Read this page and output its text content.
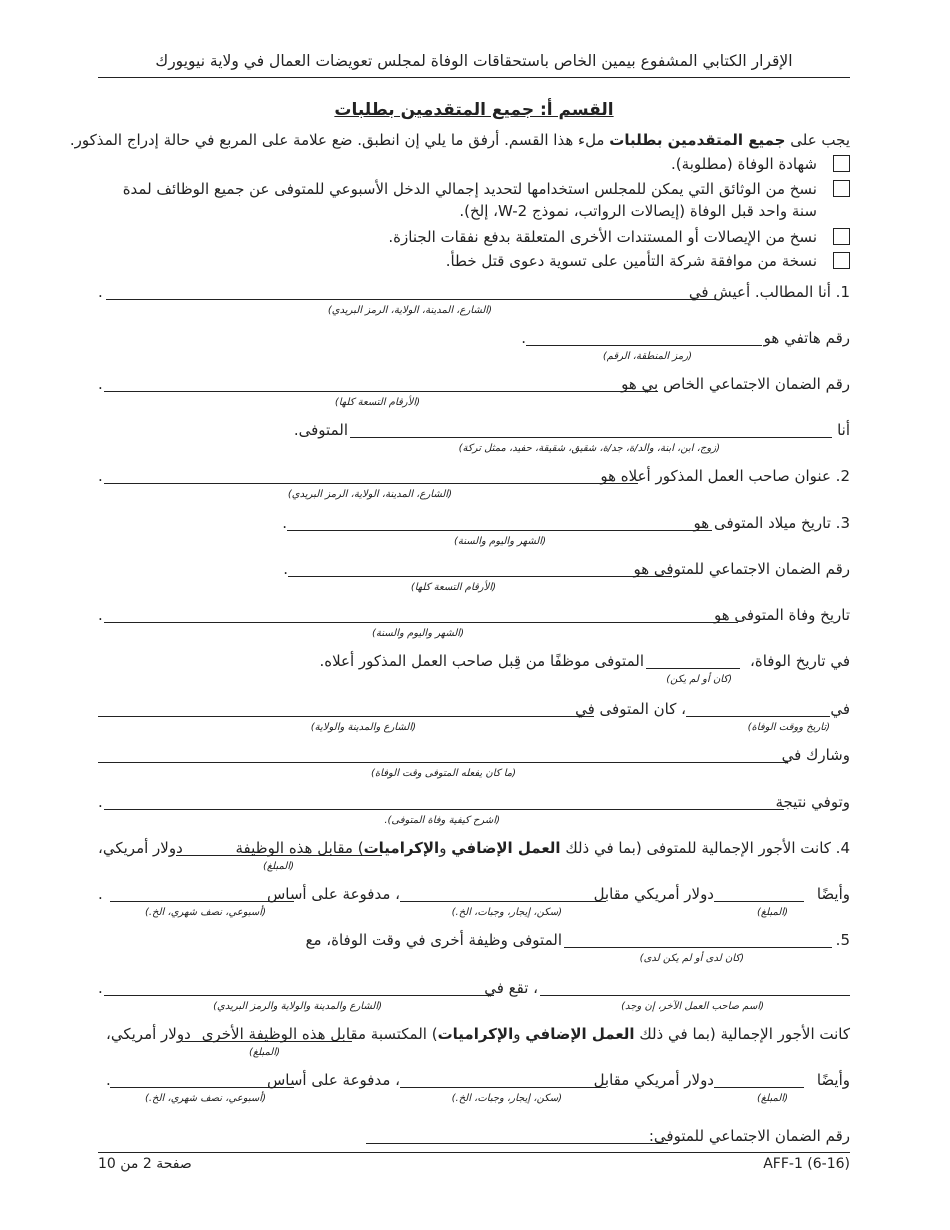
الإقرار الكتابي المشفوع بيمين الخاص باستحقاقات الوفاة لمجلس تعويضات العمال في ولاية نيويورك
القسم أ: جميع المتقدمين بطلبات
يجب على جميع المتقدمين بطلبات ملء هذا القسم. أرفق ما يلي إن انطبق. ضع علامة على المربع في حالة إدراج المذكور.
شهادة الوفاة (مطلوبة).
نسخ من الوثائق التي يمكن للمجلس استخدامها لتحديد إجمالي الدخل الأسبوعي للمتوفى عن جميع الوظائف لمدة سنة واحد قبل الوفاة (إيصالات الرواتب، نموذج W-2، إلخ).
نسخ من الإيصالات أو المستندات الأخرى المتعلقة بدفع نفقات الجنازة.
نسخة من موافقة شركة التأمين على تسوية دعوى قتل خطأ.
1. أنا المطالب. أعيش في
.
(الشارع، المدينة، الولاية، الرمز البريدي)
رقم هاتفي هو
.
(رمز المنطقة، الرقم)
رقم الضمان الاجتماعي الخاص بي هو
.
(الأرقام التسعة كلها)
أنا
المتوفى.
(زوج، ابن، ابنة، والد/ة، جد/ة، شقيق، شقيقة، حفيد، ممثل تركة)
2. عنوان صاحب العمل المذكور أعلاه هو
.
(الشارع، المدينة، الولاية، الرمز البريدي)
3. تاريخ ميلاد المتوفى هو
.
(الشهر واليوم والسنة)
رقم الضمان الاجتماعي للمتوفى هو
.
(الأرقام التسعة كلها)
تاريخ وفاة المتوفى هو
.
(الشهر واليوم والسنة)
في تاريخ الوفاة،
المتوفى موظفًا من قِبل صاحب العمل المذكور أعلاه.
(كان أو لم يكن)
في
، كان المتوفى في
(تاريخ ووقت الوفاة)
(الشارع والمدينة والولاية)
وشارك في
(ما كان يفعله المتوفى وقت الوفاة)
وتوفي نتيجة
.
(اشرح كيفية وفاة المتوفى).
4. كانت الأجور الإجمالية للمتوفى (بما في ذلك العمل الإضافي والإكراميات) مقابل هذه الوظيفة
دولار أمريكي،
(المبلغ)
وأيضًا
دولار أمريكي مقابل
، مدفوعة على أساس
.
(المبلغ)
(سكن، إيجار، وجبات، الخ.)
(أسبوعي، نصف شهري، الخ.)
5.
المتوفى وظيفة أخرى في وقت الوفاة، مع
(كان لدى أو لم يكن لدى)
، تقع في
.
(اسم صاحب العمل الآخر، إن وجد)
(الشارع والمدينة والولاية والرمز البريدي)
كانت الأجور الإجمالية (بما في ذلك العمل الإضافي والإكراميات) المكتسبة مقابل هذه الوظيفة الأخرى
دولار أمريكي،
(المبلغ)
وأيضًا
دولار أمريكي مقابل
، مدفوعة على أساس
.
(المبلغ)
(سكن، إيجار، وجبات، الخ.)
(أسبوعي، نصف شهري، الخ.)
رقم الضمان الاجتماعي للمتوفى:
صفحة 2 من 10	AFF-1 (6-16)
